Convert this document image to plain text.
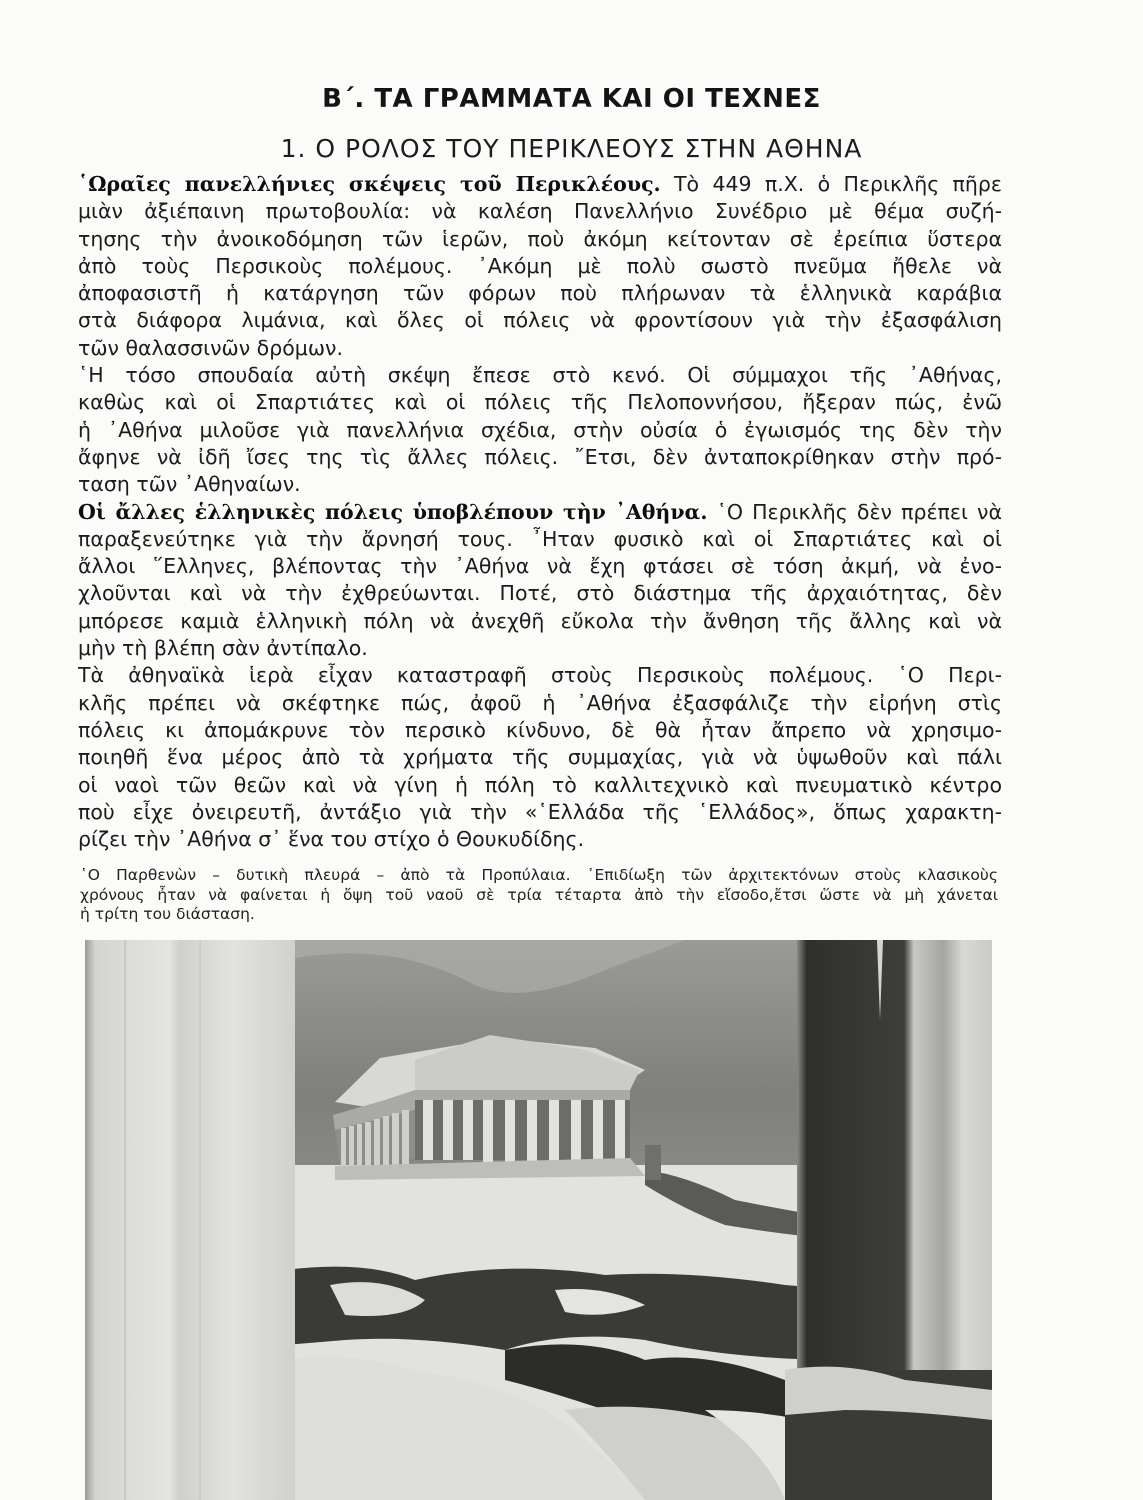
Β΄. ΤΑ ΓΡΑΜΜΑΤΑ ΚΑΙ ΟΙ ΤΕΧΝΕΣ
1. Ο ΡΟΛΟΣ ΤΟΥ ΠΕΡΙΚΛΕΟΥΣ ΣΤΗΝ ΑΘΗΝΑ
῾Ωραῖες πανελλήνιες σκέψεις τοῦ Περικλέους. Τὸ 449 π.Χ. ὁ Περικλῆς πῆρε
μιὰν ἀξιέπαινη πρωτοβουλία: νὰ καλέση Πανελλήνιο Συνέδριο μὲ θέμα συζή-
τησης τὴν ἀνοικοδόμηση τῶν ἱερῶν, ποὺ ἀκόμη κείτονταν σὲ ἐρείπια ὕστερα
ἀπὸ τοὺς Περσικοὺς πολέμους. ᾿Ακόμη μὲ πολὺ σωστὸ πνεῦμα ἤθελε νὰ
ἀποφασιστῆ ἡ κατάργηση τῶν φόρων ποὺ πλήρωναν τὰ ἑλληνικὰ καράβια
στὰ διάφορα λιμάνια, καὶ ὅλες οἱ πόλεις νὰ φροντίσουν γιὰ τὴν ἐξασφάλιση
τῶν θαλασσινῶν δρόμων.
῾Η τόσο σπουδαία αὐτὴ σκέψη ἔπεσε στὸ κενό. Οἱ σύμμαχοι τῆς ᾿Αθήνας,
καθὼς καὶ οἱ Σπαρτιάτες καὶ οἱ πόλεις τῆς Πελοποννήσου, ἤξεραν πώς, ἐνῶ
ἡ ᾿Αθήνα μιλοῦσε γιὰ πανελλήνια σχέδια, στὴν οὐσία ὁ ἐγωισμός της δὲν τὴν
ἄφηνε νὰ ἰδῆ ἴσες της τὶς ἄλλες πόλεις. ῎Ετσι, δὲν ἀνταποκρίθηκαν στὴν πρό-
ταση τῶν ᾿Αθηναίων.
Οἱ ἄλλες ἑλληνικὲς πόλεις ὑποβλέπουν τὴν ᾿Αθήνα. ῾Ο Περικλῆς δὲν πρέπει νὰ
παραξενεύτηκε γιὰ τὴν ἄρνησή τους. ῏Ηταν φυσικὸ καὶ οἱ Σπαρτιάτες καὶ οἱ
ἄλλοι ῞Ελληνες, βλέποντας τὴν ᾿Αθήνα νὰ ἔχη φτάσει σὲ τόση ἀκμή, νὰ ἐνο-
χλοῦνται καὶ νὰ τὴν ἐχθρεύωνται. Ποτέ, στὸ διάστημα τῆς ἀρχαιότητας, δὲν
μπόρεσε καμιὰ ἑλληνικὴ πόλη νὰ ἀνεχθῆ εὔκολα τὴν ἄνθηση τῆς ἄλλης καὶ νὰ
μὴν τὴ βλέπη σὰν ἀντίπαλο.
Τὰ ἀθηναϊκὰ ἱερὰ εἶχαν καταστραφῆ στοὺς Περσικοὺς πολέμους. ῾Ο Περι-
κλῆς πρέπει νὰ σκέφτηκε πώς, ἀφοῦ ἡ ᾿Αθήνα ἐξασφάλιζε τὴν εἰρήνη στὶς
πόλεις κι ἀπομάκρυνε τὸν περσικὸ κίνδυνο, δὲ θὰ ἦταν ἄπρεπο νὰ χρησιμο-
ποιηθῆ ἕνα μέρος ἀπὸ τὰ χρήματα τῆς συμμαχίας, γιὰ νὰ ὑψωθοῦν καὶ πάλι
οἱ ναοὶ τῶν θεῶν καὶ νὰ γίνη ἡ πόλη τὸ καλλιτεχνικὸ καὶ πνευματικὸ κέντρο
ποὺ εἶχε ὀνειρευτῆ, ἀντάξιο γιὰ τὴν «῾Ελλάδα τῆς ῾Ελλάδος», ὅπως χαρακτη-
ρίζει τὴν ᾿Αθήνα σ᾿ ἕνα του στίχο ὁ Θουκυδίδης.
῾Ο Παρθενὼν – δυτικὴ πλευρά – ἀπὸ τὰ Προπύλαια. ᾿Επιδίωξη τῶν ἀρχιτεκτόνων στοὺς κλασικοὺς
χρόνους ἦταν νὰ φαίνεται ἡ ὄψη τοῦ ναοῦ σὲ τρία τέταρτα ἀπὸ τὴν εἴσοδο,ἔτσι ὥστε νὰ μὴ χάνεται
ἡ τρίτη του διάσταση.
